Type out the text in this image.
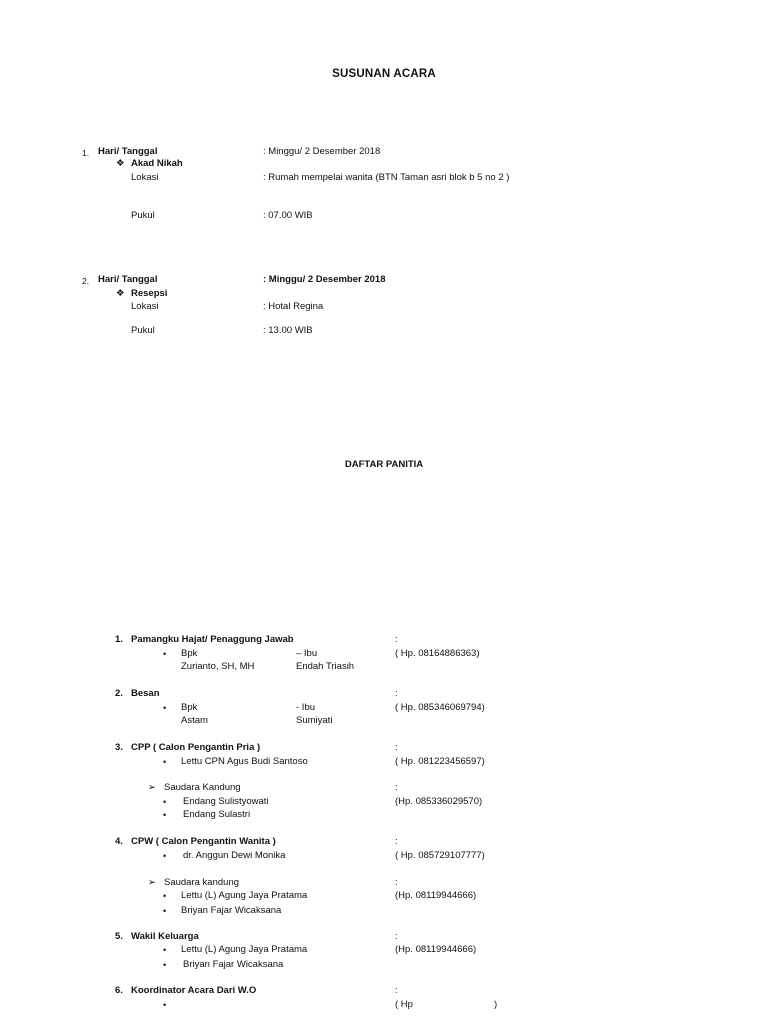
SUSUNAN ACARA
1. Hari/ Tanggal	: Minggu/ 2 Desember 2018
❖ Akad Nikah
Lokasi	: Rumah mempelai wanita (BTN Taman asri blok b 5 no 2 )
Pukul	: 07.00 WIB
2. Hari/ Tanggal	: Minggu/ 2 Desember 2018
❖ Resepsi
Lokasi	: Hotal Regina
Pukul	: 13.00 WIB
DAFTAR PANITIA
1. Pamangku Hajat/ Penaggung Jawab	:
• Bpk	– Ibu	( Hp. 08164886363)
Zurianto, SH, MH	Endah Triasih
2. Besan	:
• Bpk	- Ibu	( Hp. 085346069794)
Astam	Sumiyati
3. CPP ( Calon Pengantin Pria )	:
• Lettu CPN Agus Budi Santoso	( Hp. 081223456597)
➢ Saudara Kandung	:
• Endang Sulistyowati	(Hp. 085336029570)
• Endang Sulastri
4. CPW ( Calon Pengantin Wanita )	:
• dr. Anggun Dewi Monika	( Hp. 085729107777)
➢ Saudara kandung	:
• Lettu (L) Agung Jaya Pratama	(Hp. 08119944666)
• Briyan Fajar Wicaksana
5. Wakil Keluarga	:
• Lettu (L) Agung Jaya Pratama	(Hp. 08119944666)
• Briyan Fajar Wicaksana
6. Koordinator Acara Dari W.O	:
•	( Hp	)
